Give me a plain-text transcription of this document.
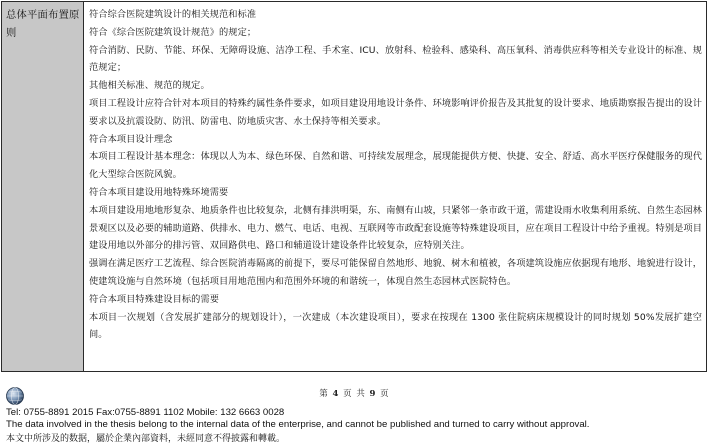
总体平面布置原则

符合综合医院建筑设计的相关规范和标准

符合《综合医院建筑设计规范》的规定；

符合消防、民防、节能、环保、无障碍设施、洁净工程、手术室、ICU、放射科、检验科、感染科、高压氧科、消毒供应科等相关专业设计的标准、规范规定；

其他相关标准、规范的规定。

项目工程设计应符合针对本项目的特殊约属性条件要求，如项目建设用地设计条件、环境影响评价报告及其批复的设计要求、地质勘察报告提出的设计要求以及抗震设防、防汛、防雷电、防地质灾害、水土保持等相关要求。

符合本项目设计理念

本项目工程设计基本理念：体现以人为本、绿色环保、自然和谐、可持续发展理念，展现能提供方便、快捷、安全、舒适、高水平医疗保健服务的现代化大型综合医院风貌。

符合本项目建设用地特殊环境需要

本项目建设用地地形复杂、地质条件也比较复杂，北侧有排洪明渠，东、南侧有山坡，只紧邻一条市政干道，需建设雨水收集利用系统、自然生态园林景观区以及必要的辅助道路、供排水、电力、燃气、电话、电视、互联网等市政配套设施等特殊建设项目，应在项目工程设计中给予重视。特别是项目建设用地以外部分的排污管、双回路供电、路口和辅道设计建设条件比较复杂，应特别关注。

强调在满足医疗工艺流程、综合医院消毒隔离的前提下，要尽可能保留自然地形、地貌、树木和植被，各项建筑设施应依据现有地形、地貌进行设计，使建筑设施与自然环境（包括项目用地范围内和范围外环境的和谐统一，体现自然生态园林式医院特色。

符合本项目特殊建设目标的需要

本项目一次规划（含发展扩建部分的规划设计），一次建成（本次建设项目），要求在按现在 1300 张住院病床规模设计的同时规划 50%发展扩建空间。

第 4 页 共 9 页
Tel: 0755-8891 2015 Fax:0755-8891 1102 Mobile: 132 6663 0028
The data involved in the thesis belong to the internal data of the enterprise, and cannot be published and turned to carry without approval.
本文中所涉及的数据，屬於企業內部資料，未經同意不得披露和轉載。
